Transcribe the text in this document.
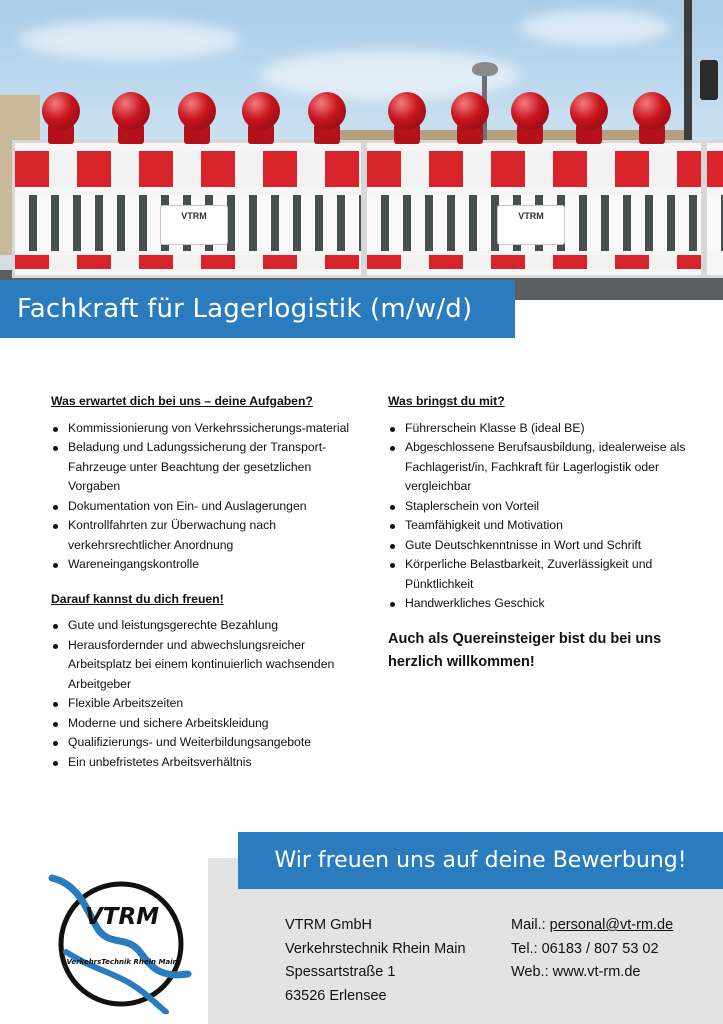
VTRM	VTRM
Fachkraft für Lagerlogistik (m/w/d)
Was erwartet dich bei uns – deine Aufgaben?
Kommissionierung von Verkehrssicherungs-material
Beladung und Ladungssicherung der Transport-Fahrzeuge unter Beachtung der gesetzlichen Vorgaben
Dokumentation von Ein- und Auslagerungen
Kontrollfahrten zur Überwachung nach verkehrsrechtlicher Anordnung
Wareneingangskontrolle
Darauf kannst du dich freuen!
Gute und leistungsgerechte Bezahlung
Herausfordernder und abwechslungsreicher Arbeitsplatz bei einem kontinuierlich wachsenden Arbeitgeber
Flexible Arbeitszeiten
Moderne und sichere Arbeitskleidung
Qualifizierungs- und Weiterbildungsangebote
Ein unbefristetes Arbeitsverhältnis
Was bringst du mit?
Führerschein Klasse B (ideal BE)
Abgeschlossene Berufsausbildung, idealerweise als Fachlagerist/in, Fachkraft für Lagerlogistik oder vergleichbar
Staplerschein von Vorteil
Teamfähigkeit und Motivation
Gute Deutschkenntnisse in Wort und Schrift
Körperliche Belastbarkeit, Zuverlässigkeit und Pünktlichkeit
Handwerkliches Geschick
Auch als Quereinsteiger bist du bei uns herzlich willkommen!
Wir freuen uns auf deine Bewerbung!
VTRM GmbH
Verkehrstechnik Rhein Main
Spessartstraße 1
63526 Erlensee
Mail.: personal@vt-rm.de
Tel.: 06183 / 807 53 02
Web.: www.vt-rm.de
VTRM
VerkehrsTechnik Rhein Main
